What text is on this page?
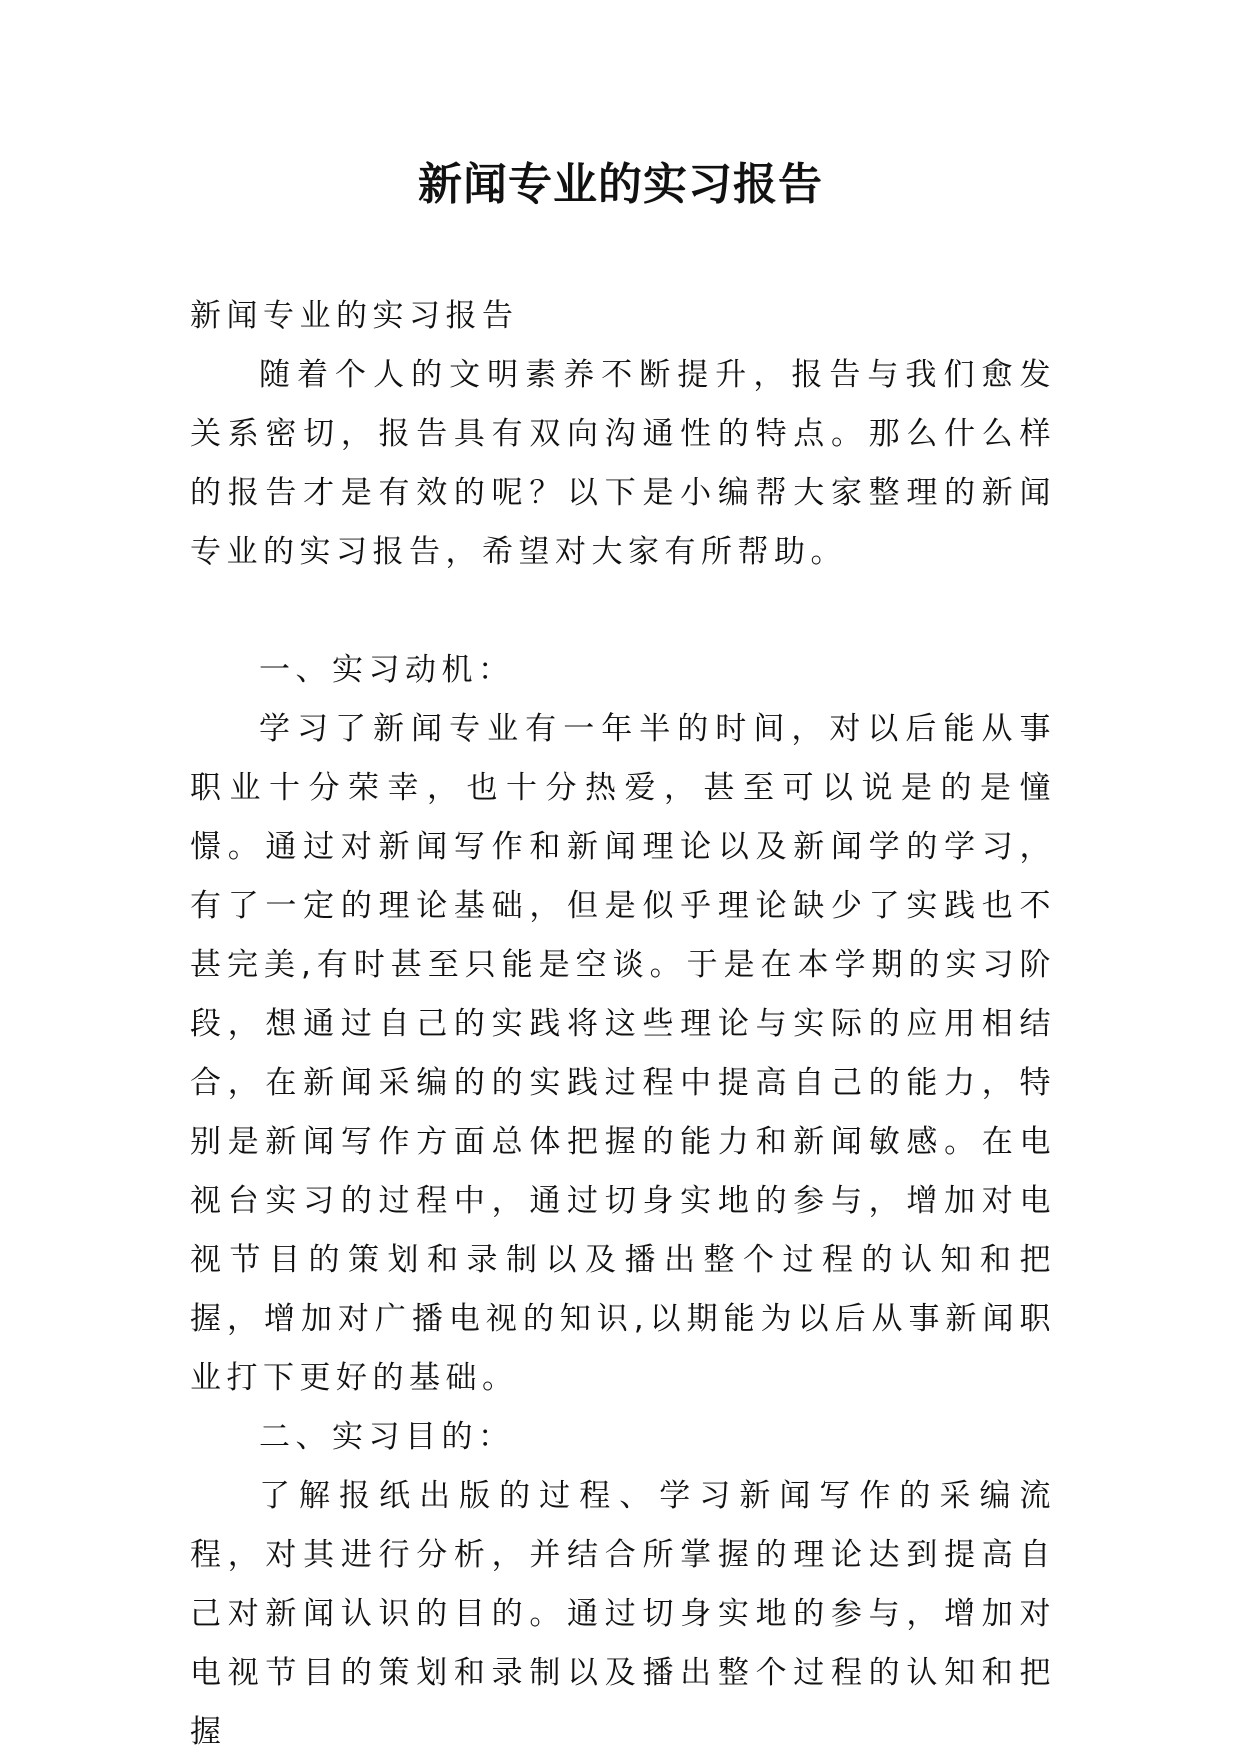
新闻专业的实习报告

新闻专业的实习报告

随着个人的文明素养不断提升，报告与我们愈发关系密切，报告具有双向沟通性的特点。那么什么样的报告才是有效的呢？以下是小编帮大家整理的新闻专业的实习报告，希望对大家有所帮助。

一、实习动机：

学习了新闻专业有一年半的时间，对以后能从事职业十分荣幸，也十分热爱，甚至可以说是的是憧憬。通过对新闻写作和新闻理论以及新闻学的学习，有了一定的理论基础，但是似乎理论缺少了实践也不甚完美,有时甚至只能是空谈。于是在本学期的实习阶段，想通过自己的实践将这些理论与实际的应用相结合，在新闻采编的的实践过程中提高自己的能力，特别是新闻写作方面总体把握的能力和新闻敏感。在电视台实习的过程中，通过切身实地的参与，增加对电视节目的策划和录制以及播出整个过程的认知和把握，增加对广播电视的知识,以期能为以后从事新闻职业打下更好的基础。

二、实习目的：

了解报纸出版的过程、学习新闻写作的采编流程，对其进行分析，并结合所掌握的理论达到提高自己对新闻认识的目的。通过切身实地的参与，增加对电视节目的策划和录制以及播出整个过程的认知和把握
